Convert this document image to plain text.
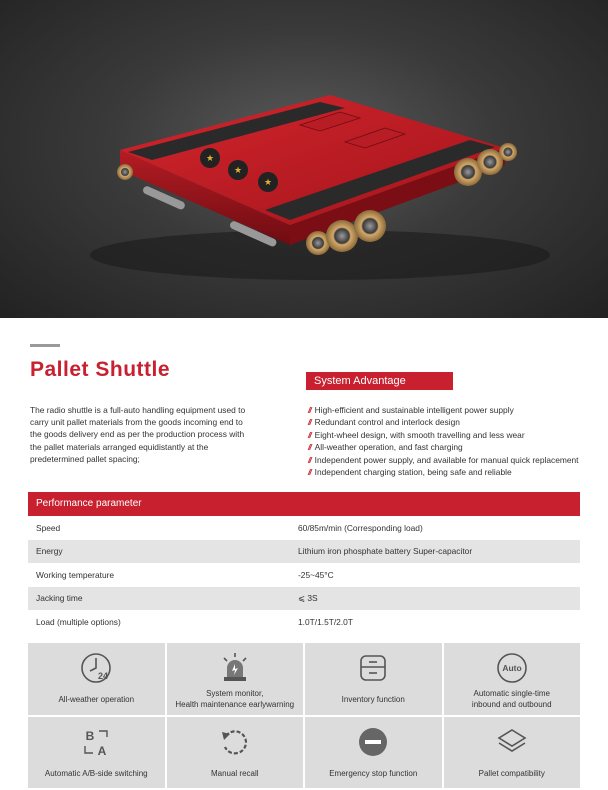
★
★
★
Pallet Shuttle	System Advantage

The radio shuttle is a full-auto handling equipment used to carry unit pallet materials from the goods incoming end to the goods delivery end as per the production process with the pallet materials arranged equidistantly at the predetermined pallet spacing;

// High-efficient and sustainable intelligent power supply
// Redundant control and interlock design
// Eight-wheel design, with smooth travelling and less wear
// All-weather operation, and fast charging
// Independent power supply, and available for manual quick replacement
// Independent charging station, being safe and reliable
Performance parameter
Speed	60/85m/min (Corresponding load)
Energy	Lithium iron phosphate battery Super-capacitor
Working temperature	-25~45°C
Jacking time	⩽ 3S
Load (multiple options)	1.0T/1.5T/2.0T
24
All-weather operation
System monitor,
Health maintenance earlywarning	Inventory function
Auto
Automatic single-time
inbound and outbound
B
A
Automatic A/B-side switching	Manual recall	Emergency stop function	Pallet compatibility
